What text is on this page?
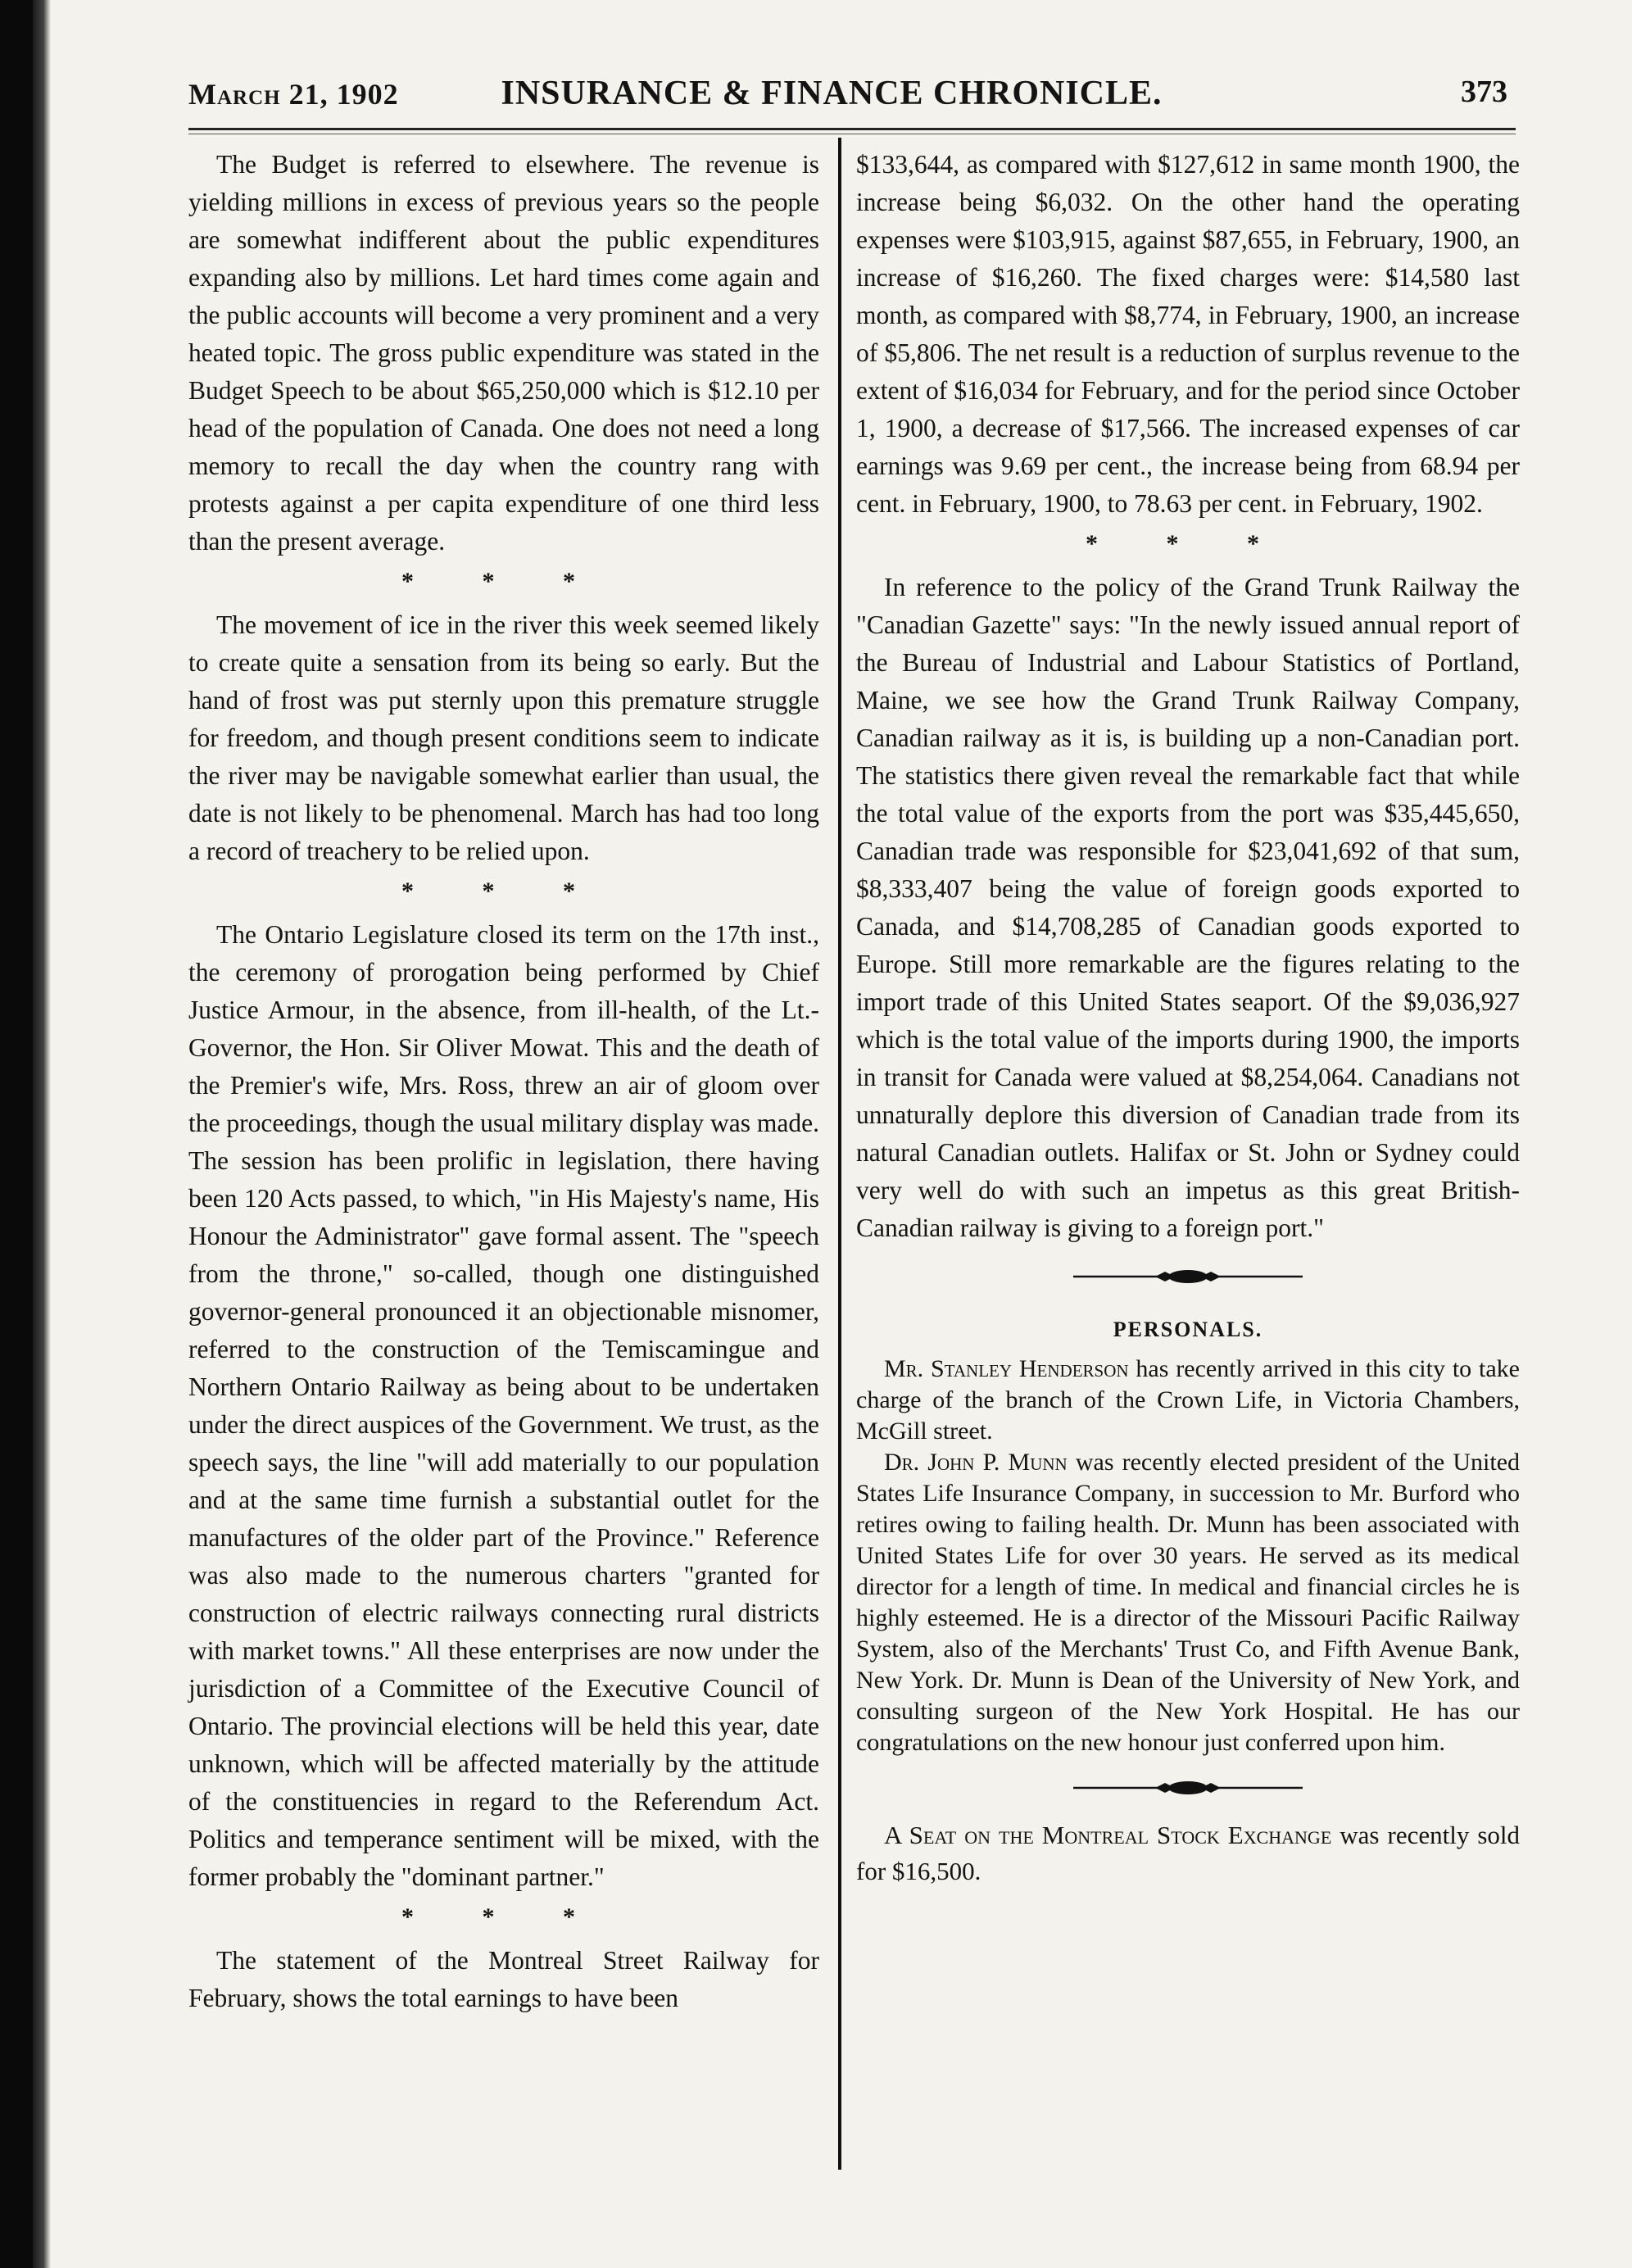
March 21, 1902	INSURANCE & FINANCE CHRONICLE.	373

The Budget is referred to elsewhere. The revenue is yielding millions in excess of previous years so the people are somewhat indifferent about the public expenditures expanding also by millions. Let hard times come again and the public accounts will become a very prominent and a very heated topic. The gross public expenditure was stated in the Budget Speech to be about $65,250,000 which is $12.10 per head of the population of Canada. One does not need a long memory to recall the day when the country rang with protests against a per capita expenditure of one third less than the present average.

* * *

The movement of ice in the river this week seemed likely to create quite a sensation from its being so early. But the hand of frost was put sternly upon this premature struggle for freedom, and though present conditions seem to indicate the river may be navigable somewhat earlier than usual, the date is not likely to be phenomenal. March has had too long a record of treachery to be relied upon.

* * *

The Ontario Legislature closed its term on the 17th inst., the ceremony of prorogation being performed by Chief Justice Armour, in the absence, from ill-health, of the Lt.-Governor, the Hon. Sir Oliver Mowat. This and the death of the Premier's wife, Mrs. Ross, threw an air of gloom over the proceedings, though the usual military display was made. The session has been prolific in legislation, there having been 120 Acts passed, to which, "in His Majesty's name, His Honour the Administrator" gave formal assent. The "speech from the throne," so-called, though one distinguished governor-general pronounced it an objectionable misnomer, referred to the construction of the Temiscamingue and Northern Ontario Railway as being about to be undertaken under the direct auspices of the Government. We trust, as the speech says, the line "will add materially to our population and at the same time furnish a substantial outlet for the manufactures of the older part of the Province." Reference was also made to the numerous charters "granted for construction of electric railways connecting rural districts with market towns." All these enterprises are now under the jurisdiction of a Committee of the Executive Council of Ontario. The provincial elections will be held this year, date unknown, which will be affected materially by the attitude of the constituencies in regard to the Referendum Act. Politics and temperance sentiment will be mixed, with the former probably the "dominant partner."

* * *

The statement of the Montreal Street Railway for February, shows the total earnings to have been

$133,644, as compared with $127,612 in same month 1900, the increase being $6,032. On the other hand the operating expenses were $103,915, against $87,655, in February, 1900, an increase of $16,260. The fixed charges were: $14,580 last month, as compared with $8,774, in February, 1900, an increase of $5,806. The net result is a reduction of surplus revenue to the extent of $16,034 for February, and for the period since October 1, 1900, a decrease of $17,566. The increased expenses of car earnings was 9.69 per cent., the increase being from 68.94 per cent. in February, 1900, to 78.63 per cent. in February, 1902.

* * *

In reference to the policy of the Grand Trunk Railway the "Canadian Gazette" says: "In the newly issued annual report of the Bureau of Industrial and Labour Statistics of Portland, Maine, we see how the Grand Trunk Railway Company, Canadian railway as it is, is building up a non-Canadian port. The statistics there given reveal the remarkable fact that while the total value of the exports from the port was $35,445,650, Canadian trade was responsible for $23,041,692 of that sum, $8,333,407 being the value of foreign goods exported to Canada, and $14,708,285 of Canadian goods exported to Europe. Still more remarkable are the figures relating to the import trade of this United States seaport. Of the $9,036,927 which is the total value of the imports during 1900, the imports in transit for Canada were valued at $8,254,064. Canadians not unnaturally deplore this diversion of Canadian trade from its natural Canadian outlets. Halifax or St. John or Sydney could very well do with such an impetus as this great British-Canadian railway is giving to a foreign port."

PERSONALS.

Mr. Stanley Henderson has recently arrived in this city to take charge of the branch of the Crown Life, in Victoria Chambers, McGill street.

Dr. John P. Munn was recently elected president of the United States Life Insurance Company, in succession to Mr. Burford who retires owing to failing health. Dr. Munn has been associated with United States Life for over 30 years. He served as its medical director for a length of time. In medical and financial circles he is highly esteemed. He is a director of the Missouri Pacific Railway System, also of the Merchants' Trust Co, and Fifth Avenue Bank, New York. Dr. Munn is Dean of the University of New York, and consulting surgeon of the New York Hospital. He has our congratulations on the new honour just conferred upon him.

A Seat on the Montreal Stock Exchange was recently sold for $16,500.
